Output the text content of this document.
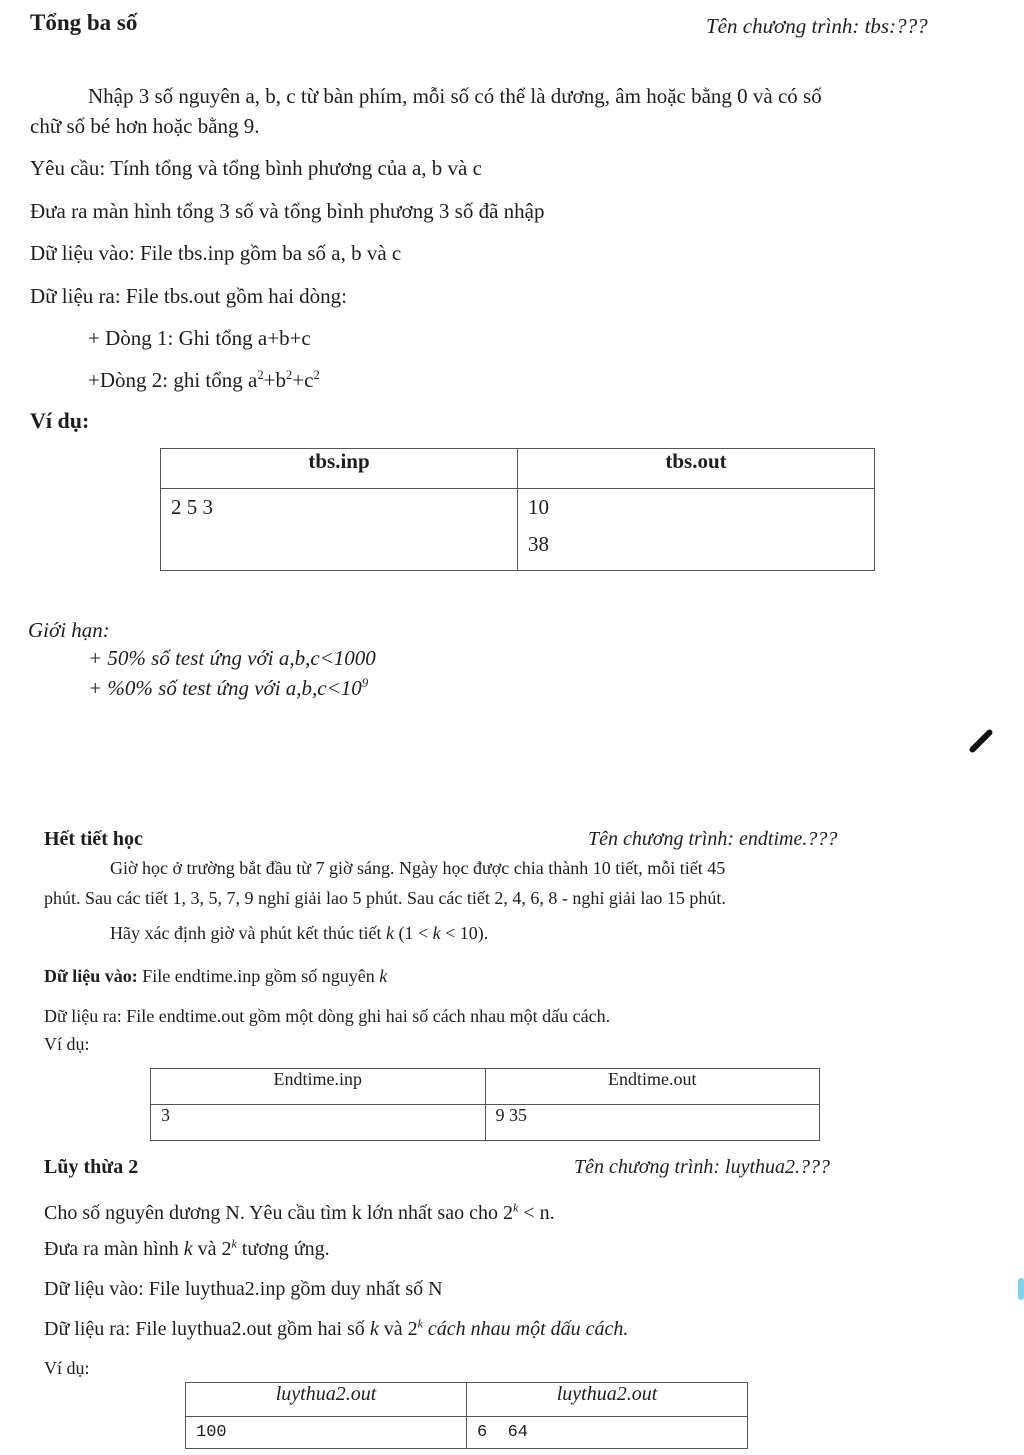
Tổng ba số	Tên chương trình: tbs:???
Nhập 3 số nguyên a, b, c từ bàn phím, mỗi số có thể là dương, âm hoặc bằng 0 và có số
chữ số bé hơn hoặc bằng 9.
Yêu cầu: Tính tổng và tổng bình phương của a, b và c
Đưa ra màn hình tổng 3 số và tổng bình phương 3 số đã nhập
Dữ liệu vào: File tbs.inp gồm ba số a, b và c
Dữ liệu ra: File tbs.out gồm hai dòng:
+ Dòng 1: Ghi tổng a+b+c
+Dòng 2: ghi tổng $a^2+b^2+c^2$
Ví dụ:
tbs.inp	tbs.out

2 5 3	10
38
Giới hạn:
+ 50% số test ứng với a,b,c<1000
+ %0% số test ứng với $a,b,c<10^9$
Hết tiết học	Tên chương trình: endtime.???
Giờ học ở trường bắt đầu từ 7 giờ sáng. Ngày học được chia thành 10 tiết, mỗi tiết 45
phút. Sau các tiết 1, 3, 5, 7, 9 nghỉ giải lao 5 phút. Sau các tiết 2, 4, 6, 8 - nghỉ giải lao 15 phút.
Hãy xác định giờ và phút kết thúc tiết k (1 < k < 10).
Dữ liệu vào: File endtime.inp gồm số nguyên k
Dữ liệu ra: File endtime.out gồm một dòng ghi hai số cách nhau một dấu cách.
Ví dụ:
Endtime.inp	Endtime.out
3	9 35
Lũy thừa 2	Tên chương trình: luythua2.???
Cho số nguyên dương N. Yêu cầu tìm k lớn nhất sao cho $2^k < n$.
Đưa ra màn hình k và 2$^k$ tương ứng.
Dữ liệu vào: File luythua2.inp gồm duy nhất số N
Dữ liệu ra: File luythua2.out gồm hai số k và 2$^k$ cách nhau một dấu cách.
Ví dụ:
luythua2.out	luythua2.out
100	6  64
